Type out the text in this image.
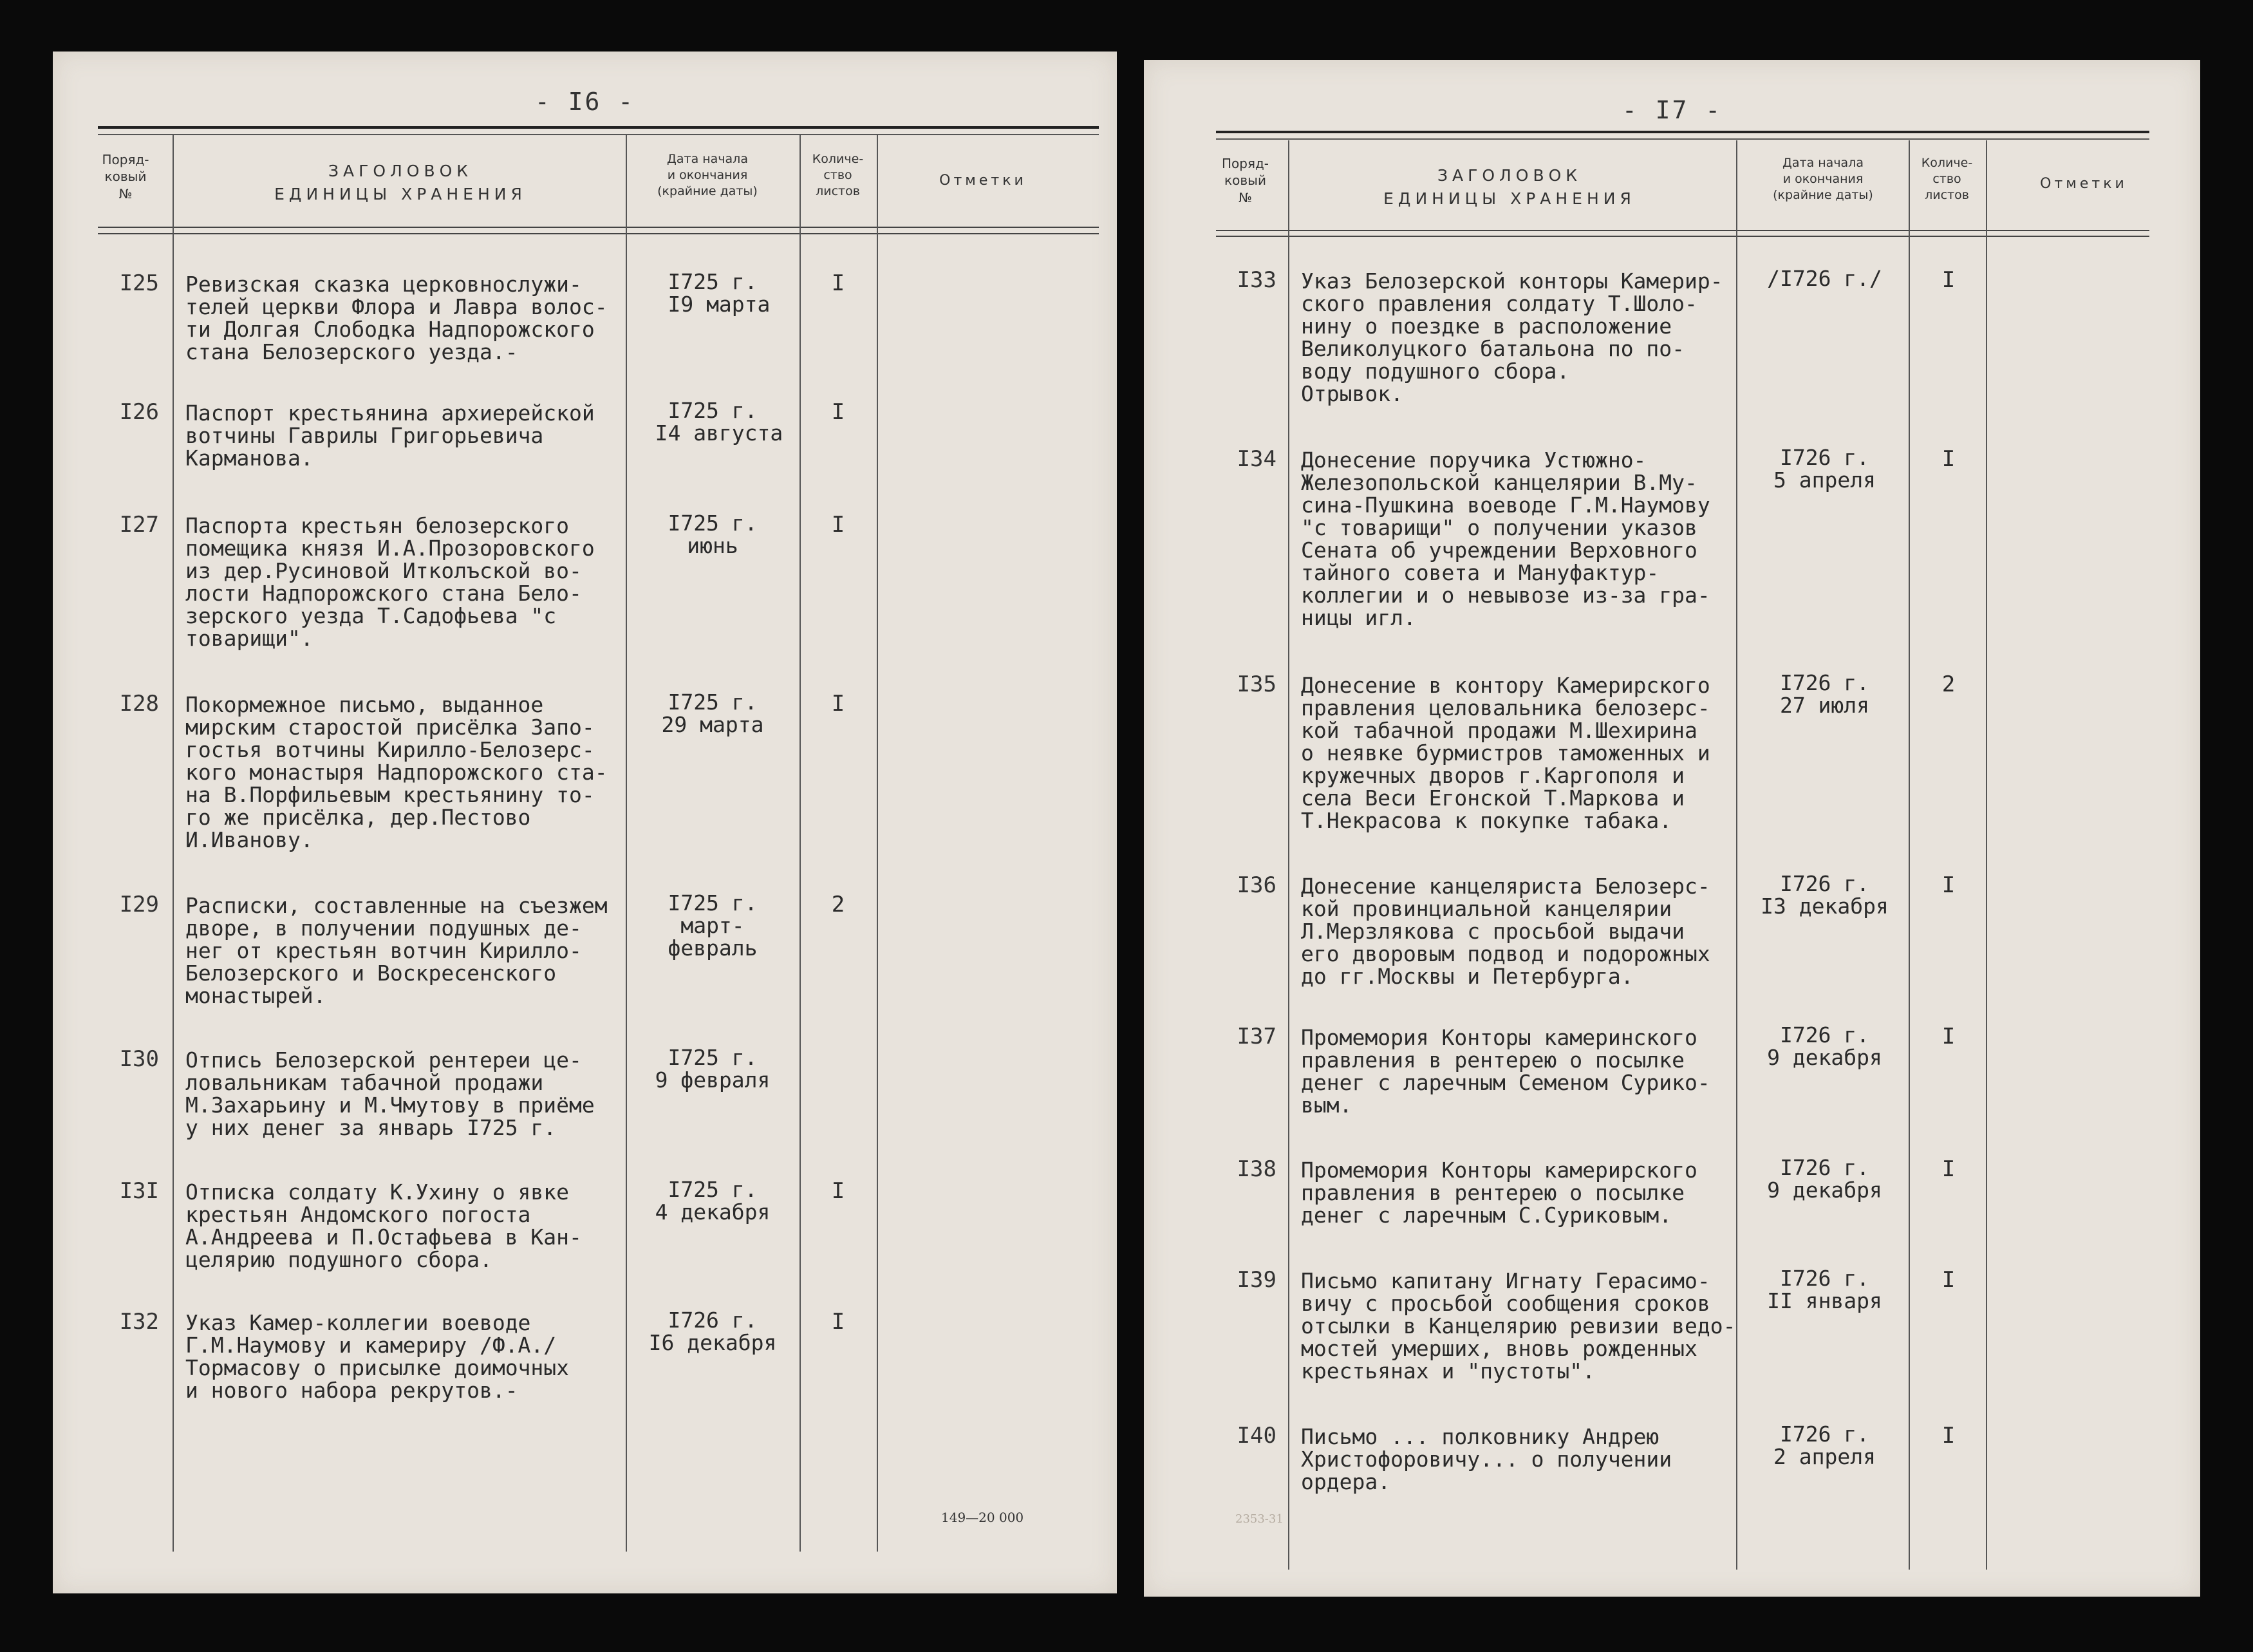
- I6 -
Поряд-
ковый
№
ЗАГОЛОВОК
ЕДИНИЦЫ ХРАНЕНИЯ
Дата начала
и окончания
(крайние даты)
Количе-
ство
листов
Отметки
I25 Ревизская сказка церковнослужи-
телей церкви Флора и Лавра волос-
ти Долгая Слободка Надпорожского
стана Белозерского уезда.-
I725 г.
I9 марта
I
I26 Паспорт крестьянина архиерейской
вотчины Гаврилы Григорьевича
Карманова.
I725 г.
I4 августа
I
I27 Паспорта крестьян белозерского
помещика князя И.А.Прозоровского
из дер.Русиновой Итколъской во-
лости Надпорожского стана Бело-
зерского уезда Т.Садофьева "с
товарищи".
I725 г.
июнь
I
I28 Покормежное письмо, выданное
мирским старостой присёлка Запо-
гостья вотчины Кирилло-Белозерс-
кого монастыря Надпорожского ста-
на В.Порфильевым крестьянину то-
го же присёлка, дер.Пестово
И.Иванову.
I725 г.
29 марта
I
I29 Расписки, составленные на съезжем
дворе, в получении подушных де-
нег от крестьян вотчин Кирилло-
Белозерского и Воскресенского
монастырей.
I725 г.
март-
февраль
2
I30 Отпись Белозерской рентереи це-
ловальникам табачной продажи
М.Захарьину и М.Чмутову в приёме
у них денег за январь I725 г.
I725 г.
9 февраля
I3I Отписка солдату К.Ухину о явке
крестьян Андомского погоста
А.Андреева и П.Остафьева в Кан-
целярию подушного сбора.
I725 г.
4 декабря
I
I32 Указ Камер-коллегии воеводе
Г.М.Наумову и камериру /Ф.А./
Тормасову о присылке доимочных
и нового набора рекрутов.-
I726 г.
I6 декабря
I
149—20 000
- I7 -
Поряд-
ковый
№
ЗАГОЛОВОК
ЕДИНИЦЫ ХРАНЕНИЯ
Дата начала
и окончания
(крайние даты)
Количе-
ство
листов
Отметки
I33 Указ Белозерской конторы Камерир-
ского правления солдату Т.Шоло-
нину о поездке в расположение
Великолуцкого батальона по по-
воду подушного сбора.
Отрывок.
/I726 г./	I
I34 Донесение поручика Устюжно-
Железопольской канцелярии В.Му-
сина-Пушкина воеводе Г.М.Наумову
"с товарищи" о получении указов
Сената об учреждении Верховного
тайного совета и Мануфактур-
коллегии и о невывозе из-за гра-
ницы игл.
I726 г.
5 апреля
I
I35 Донесение в контору Камерирского
правления целовальника белозерс-
кой табачной продажи М.Шехирина
о неявке бурмистров таможенных и
кружечных дворов г.Каргополя и
села Веси Егонской Т.Маркова и
Т.Некрасова к покупке табака.
I726 г.
27 июля
2
I36 Донесение канцеляриста Белозерс-
кой провинциальной канцелярии
Л.Мерзлякова с просьбой выдачи
его дворовым подвод и подорожных
до гг.Москвы и Петербурга.
I726 г.
I3 декабря
I
I37 Промемория Конторы камеринского
правления в рентерею о посылке
денег с ларечным Семеном Сурико-
вым.
I726 г.
9 декабря
I
I38 Промемория Конторы камерирского
правления в рентерею о посылке
денег с ларечным С.Суриковым.
I726 г.
9 декабря
I
I39 Письмо капитану Игнату Герасимо-
вичу с просьбой сообщения сроков
отсылки в Канцелярию ревизии ведо-
мостей умерших, вновь рожденных
крестьянах и "пустоты".
I726 г.
II января
I
I40 Письмо ... полковнику Андрею
Христофоровичу... о получении
ордера.
I726 г.
2 апреля
I
2353-31
